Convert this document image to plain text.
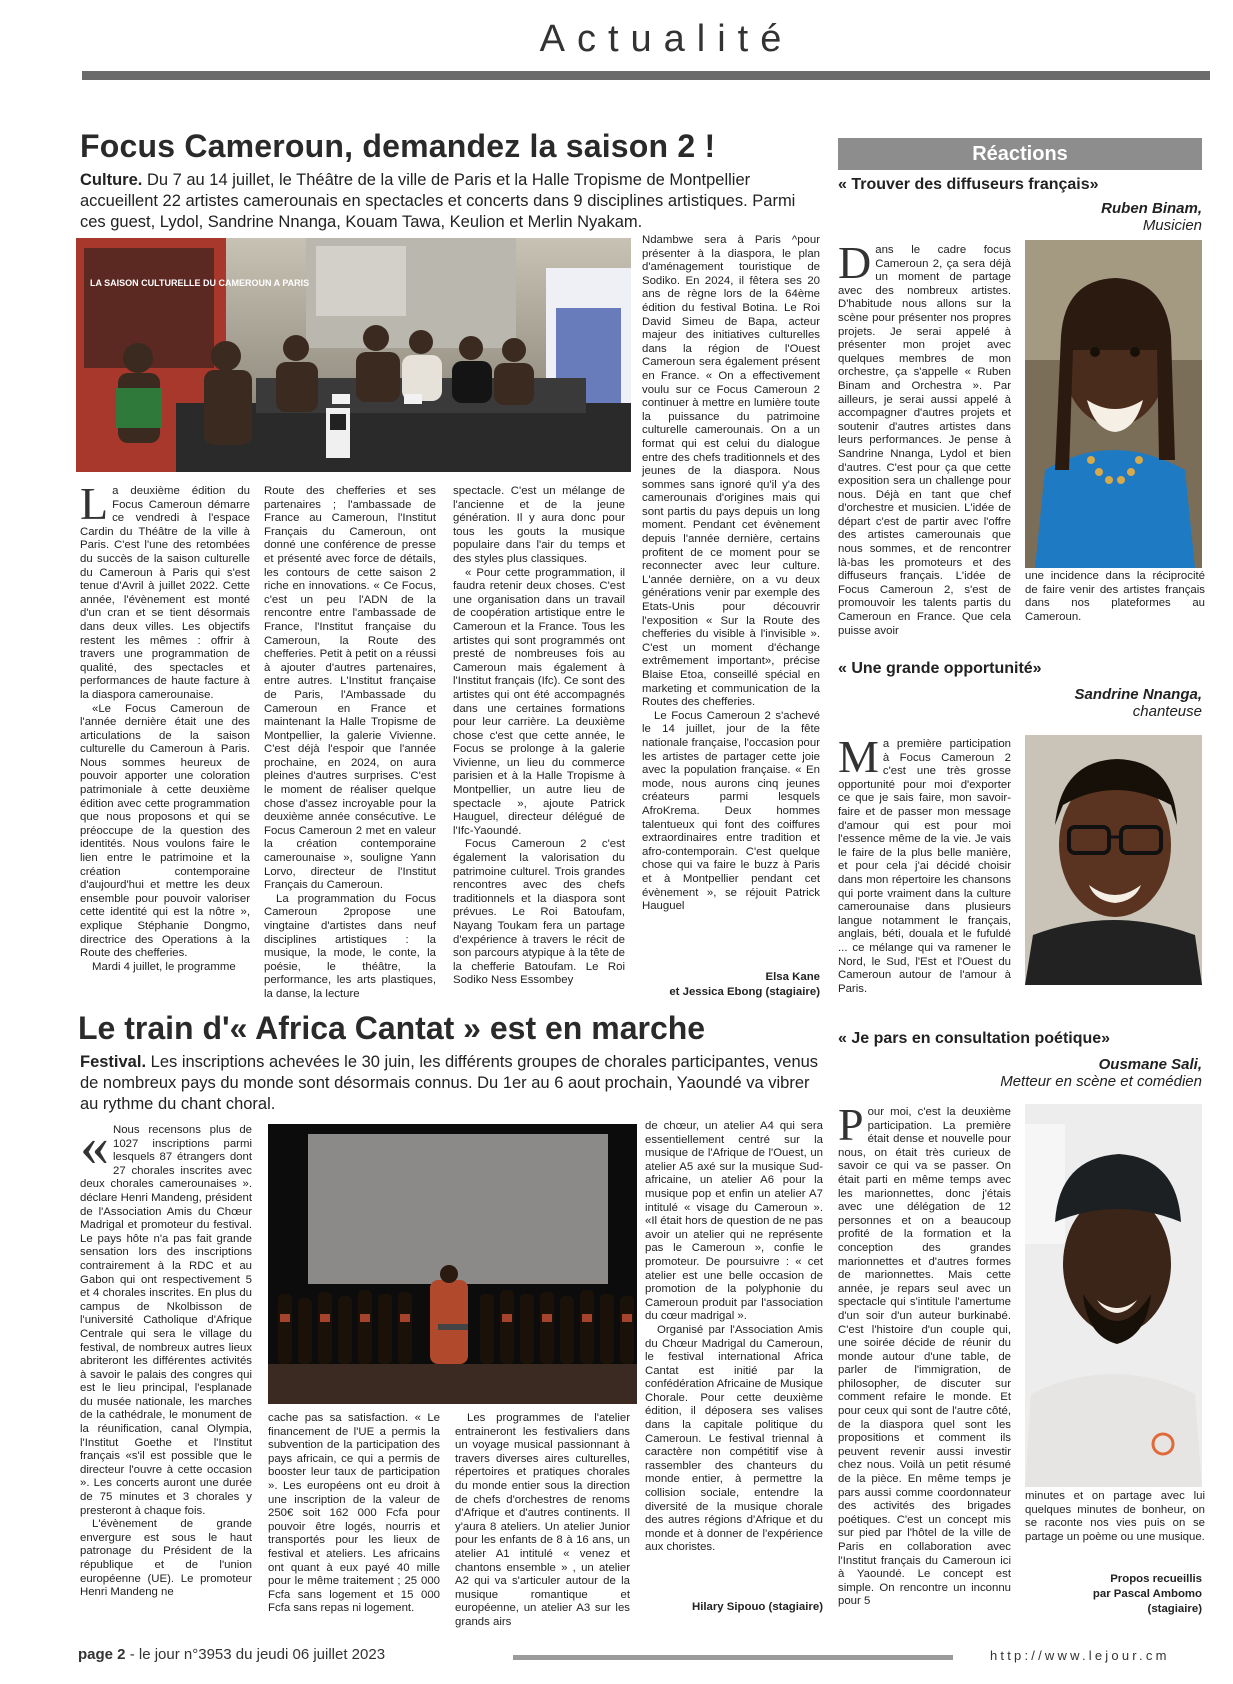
Actualité
Focus Cameroun, demandez la saison 2 !
Culture. Du 7 au 14 juillet, le Théâtre de la ville de Paris et la Halle Tropisme de Montpellier accueillent 22 artistes camerounais en spectacles et concerts dans 9 disciplines artistiques. Parmi ces guest, Lydol, Sandrine Nnanga, Kouam Tawa, Keulion et Merlin Nyakam.
LA SAISON CULTURELLE DU CAMEROUN A PARIS
L a deuxième édition du Focus Cameroun démarre ce vendredi à l'espace Cardin du Théâtre de la ville à Paris. C'est l'une des retombées du succès de la saison culturelle du Cameroun à Paris qui s'est tenue d'Avril à juillet 2022. Cette année, l'évènement est monté d'un cran et se tient désormais dans deux villes. Les objectifs restent les mêmes : offrir à travers une programmation de qualité, des spectacles et performances de haute facture à la diaspora camerounaise.

«Le Focus Cameroun de l'année dernière était une des articulations de la saison culturelle du Cameroun à Paris. Nous sommes heureux de pouvoir apporter une coloration patrimoniale à cette deuxième édition avec cette programmation que nous proposons et qui se préoccupe de la question des identités. Nous voulons faire le lien entre le patrimoine et la création contemporaine d'aujourd'hui et mettre les deux ensemble pour pouvoir valoriser cette identité qui est la nôtre », explique Stéphanie Dongmo, directrice des Operations à la Route des chefferies.

Mardi 4 juillet, le programme

Route des chefferies et ses partenaires ; l'ambassade de France au Cameroun, l'Institut Français du Cameroun, ont donné une conférence de presse et présenté avec force de détails, les contours de cette saison 2 riche en innovations. « Ce Focus, c'est un peu l'ADN de la rencontre entre l'ambassade de France, l'Institut française du Cameroun, la Route des chefferies. Petit à petit on a réussi à ajouter d'autres partenaires, entre autres. L'Institut française de Paris, l'Ambassade du Cameroun en France et maintenant la Halle Tropisme de Montpellier, la galerie Vivienne. C'est déjà l'espoir que l'année prochaine, en 2024, on aura pleines d'autres surprises. C'est le moment de réaliser quelque chose d'assez incroyable pour la deuxième année consécutive. Le Focus Cameroun 2 met en valeur la création contemporaine camerounaise », souligne Yann Lorvo, directeur de l'Institut Français du Cameroun.

La programmation du Focus Cameroun 2propose une vingtaine d'artistes dans neuf disciplines artistiques : la musique, la mode, le conte, la poésie, le théâtre, la performance, les arts plastiques, la danse, la lecture

spectacle. C'est un mélange de l'ancienne et de la jeune génération. Il y aura donc pour tous les gouts la musique populaire dans l'air du temps et des styles plus classiques.

« Pour cette programmation, il faudra retenir deux choses. C'est une organisation dans un travail de coopération artistique entre le Cameroun et la France. Tous les artistes qui sont programmés ont presté de nombreuses fois au Cameroun mais également à l'Institut français (Ifc). Ce sont des artistes qui ont été accompagnés dans une certaines formations pour leur carrière. La deuxième chose c'est que cette année, le Focus se prolonge à la galerie Vivienne, un lieu du commerce parisien et à la Halle Tropisme à Montpellier, un autre lieu de spectacle », ajoute Patrick Hauguel, directeur délégué de l'Ifc-Yaoundé.

Focus Cameroun 2 c'est également la valorisation du patrimoine culturel. Trois grandes rencontres avec des chefs traditionnels et la diaspora sont prévues. Le Roi Batoufam, Nayang Toukam fera un partage d'expérience à travers le récit de son parcours atypique à la tête de la chefferie Batoufam. Le Roi Sodiko Ness Essombey

Ndambwe sera à Paris ^pour présenter à la diaspora, le plan d'aménagement touristique de Sodiko. En 2024, il fêtera ses 20 ans de règne lors de la 64ème édition du festival Botina. Le Roi David Simeu de Bapa, acteur majeur des initiatives culturelles dans la région de l'Ouest Cameroun sera également présent en France. « On a effectivement voulu sur ce Focus Cameroun 2 continuer à mettre en lumière toute la puissance du patrimoine culturelle camerounais. On a un format qui est celui du dialogue entre des chefs traditionnels et des jeunes de la diaspora. Nous sommes sans ignoré qu'il y'a des camerounais d'origines mais qui sont partis du pays depuis un long moment. Pendant cet évènement depuis l'année dernière, certains profitent de ce moment pour se reconnecter avec leur culture. L'année dernière, on a vu deux générations venir par exemple des Etats-Unis pour découvrir l'exposition « Sur la Route des chefferies du visible à l'invisible ». C'est un moment d'échange extrêmement important», précise Blaise Etoa, conseillé spécial en marketing et communication de la Routes des chefferies.

Le Focus Cameroun 2 s'achevé le 14 juillet, jour de la fête nationale française, l'occasion pour les artistes de partager cette joie avec la population française. « En mode, nous aurons cinq jeunes créateurs parmi lesquels AfroKrema. Deux hommes talentueux qui font des coiffures extraordinaires entre tradition et afro-contemporain. C'est quelque chose qui va faire le buzz à Paris et à Montpellier pendant cet évènement », se réjouit Patrick Hauguel

Elsa Kane
et Jessica Ebong (stagiaire)
Réactions
« Trouver des diffuseurs français»
Ruben Binam,
Musicien
D ans le cadre focus Cameroun 2, ça sera déjà un moment de partage avec des nombreux artistes. D'habitude nous allons sur la scène pour présenter nos propres projets. Je serai appelé à présenter mon projet avec quelques membres de mon orchestre, ça s'appelle « Ruben Binam and Orchestra ». Par ailleurs, je serai aussi appelé à accompagner d'autres projets et soutenir d'autres artistes dans leurs performances. Je pense à Sandrine Nnanga, Lydol et bien d'autres. C'est pour ça que cette exposition sera un challenge pour nous. Déjà en tant que chef d'orchestre et musicien. L'idée de départ c'est de partir avec l'offre des artistes camerounais que nous sommes, et de rencontrer là-bas les promoteurs et des diffuseurs français. L'idée de Focus Cameroun 2, s'est de promouvoir les talents partis du Cameroun en France. Que cela puisse avoir

une incidence dans la réciprocité de faire venir des artistes français dans nos plateformes au Cameroun.

« Une grande opportunité»
Sandrine Nnanga,
chanteuse
M a première participation à Focus Cameroun 2 c'est une très grosse opportunité pour moi d'exporter ce que je sais faire, mon savoir-faire et de passer mon message d'amour qui est pour moi l'essence même de la vie. Je vais le faire de la plus belle manière, et pour cela j'ai décidé choisir dans mon répertoire les chansons qui porte vraiment dans la culture camerounaise dans plusieurs langue notamment le français, anglais, béti, douala et le fufuldé ... ce mélange qui va ramener le Nord, le Sud, l'Est et l'Ouest du Cameroun autour de l'amour à Paris.

« Je pars en consultation poétique»
Ousmane Sali,
Metteur en scène et comédien
P our moi, c'est la deuxième participation. La première était dense et nouvelle pour nous, on était très curieux de savoir ce qui va se passer. On était parti en même temps avec les marionnettes, donc j'étais avec une délégation de 12 personnes et on a beaucoup profité de la formation et la conception des grandes marionnettes et d'autres formes de marionnettes. Mais cette année, je repars seul avec un spectacle qui s'intitule l'amertume d'un soir d'un auteur burkinabé. C'est l'histoire d'un couple qui, une soirée décide de réunir du monde autour d'une table, de parler de l'immigration, de philosopher, de discuter sur comment refaire le monde. Et pour ceux qui sont de l'autre côté, de la diaspora quel sont les propositions et comment ils peuvent revenir aussi investir chez nous. Voilà un petit résumé de la pièce. En même temps je pars aussi comme coordonnateur des activités des brigades poétiques. C'est un concept mis sur pied par l'hôtel de la ville de Paris en collaboration avec l'Institut français du Cameroun ici à Yaoundé. Le concept est simple. On rencontre un inconnu pour 5

minutes et on partage avec lui quelques minutes de bonheur, on se raconte nos vies puis on se partage un poème ou une musique.

Propos recueillis
par Pascal Ambomo
(stagiaire)
Le train d'« Africa Cantat » est en marche
Festival. Les inscriptions achevées le 30 juin, les différents groupes de chorales participantes, venus de nombreux pays du monde sont désormais connus. Du 1er au 6 aout prochain, Yaoundé va vibrer au rythme du chant choral.
« Nous recensons plus de 1027 inscriptions parmi lesquels 87 étrangers dont 27 chorales inscrites avec deux chorales camerounaises ». déclare Henri Mandeng, président de l'Association Amis du Chœur Madrigal et promoteur du festival. Le pays hôte n'a pas fait grande sensation lors des inscriptions contrairement à la RDC et au Gabon qui ont respectivement 5 et 4 chorales inscrites. En plus du campus de Nkolbisson de l'université Catholique d'Afrique Centrale qui sera le village du festival, de nombreux autres lieux abriteront les différentes activités à savoir le palais des congres qui est le lieu principal, l'esplanade du musée nationale, les marches de la cathédrale, le monument de la réunification, canal Olympia, l'Institut Goethe et l'Institut français «s'il est possible que le directeur l'ouvre à cette occasion ». Les concerts auront une durée de 75 minutes et 3 chorales y presteront à chaque fois.

L'évènement de grande envergure est sous le haut patronage du Président de la république et de l'union européenne (UE). Le promoteur Henri Mandeng ne

cache pas sa satisfaction. « Le financement de l'UE a permis la subvention de la participation des pays africain, ce qui a permis de booster leur taux de participation ». Les européens ont eu droit à une inscription de la valeur de 250€ soit 162 000 Fcfa pour pouvoir être logés, nourris et transportés pour les lieux de festival et ateliers. Les africains ont quant à eux payé 40 mille pour le même traitement ; 25 000 Fcfa sans logement et 15 000 Fcfa sans repas ni logement.

Les programmes de l'atelier entraineront les festivaliers dans un voyage musical passionnant à travers diverses aires culturelles, répertoires et pratiques chorales du monde entier sous la direction de chefs d'orchestres de renoms d'Afrique et d'autres continents. Il y'aura 8 ateliers. Un atelier Junior pour les enfants de 8 à 16 ans, un atelier A1 intitulé « venez et chantons ensemble » , un atelier A2 qui va s'articuler autour de la musique romantique et européenne, un atelier A3 sur les grands airs

de chœur, un atelier A4 qui sera essentiellement centré sur la musique de l'Afrique de l'Ouest, un atelier A5 axé sur la musique Sud-africaine, un atelier A6 pour la musique pop et enfin un atelier A7 intitulé « visage du Cameroun ». «Il était hors de question de ne pas avoir un atelier qui ne représente pas le Cameroun », confie le promoteur. De poursuivre : « cet atelier est une belle occasion de promotion de la polyphonie du Cameroun produit par l'association du cœur madrigal ».

Organisé par l'Association Amis du Chœur Madrigal du Cameroun, le festival international Africa Cantat est initié par la confédération Africaine de Musique Chorale. Pour cette deuxième édition, il déposera ses valises dans la capitale politique du Cameroun. Le festival triennal à caractère non compétitif vise à rassembler des chanteurs du monde entier, à permettre la collision sociale, entendre la diversité de la musique chorale des autres régions d'Afrique et du monde et à donner de l'expérience aux choristes.

Hilary Sipouo (stagiaire)
page 2 - le jour n°3953 du jeudi 06 juillet 2023	http://www.lejour.cm
